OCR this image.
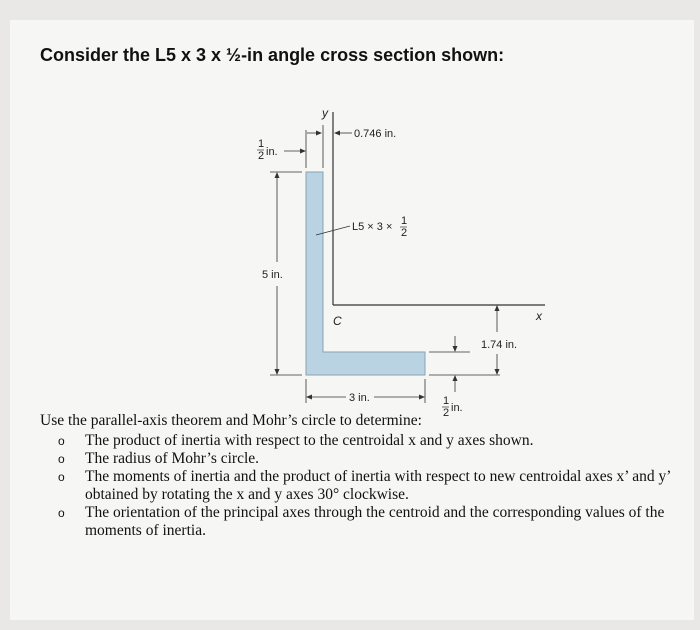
Consider the L5 x 3 x ½-in angle cross section shown:
y
x
C
0.746 in.
1
2 in.
5 in.
L5 × 3 × 1
2
3 in.	1
2 in.
1.74 in.
Use the parallel-axis theorem and Mohr’s circle to determine:
o The product of inertia with respect to the centroidal x and y axes shown.
o The radius of Mohr’s circle.
o The moments of inertia and the product of inertia with respect to new centroidal axes x’ and y’ obtained by rotating the x and y axes 30° clockwise.
o The orientation of the principal axes through the centroid and the corresponding values of the moments of inertia.
